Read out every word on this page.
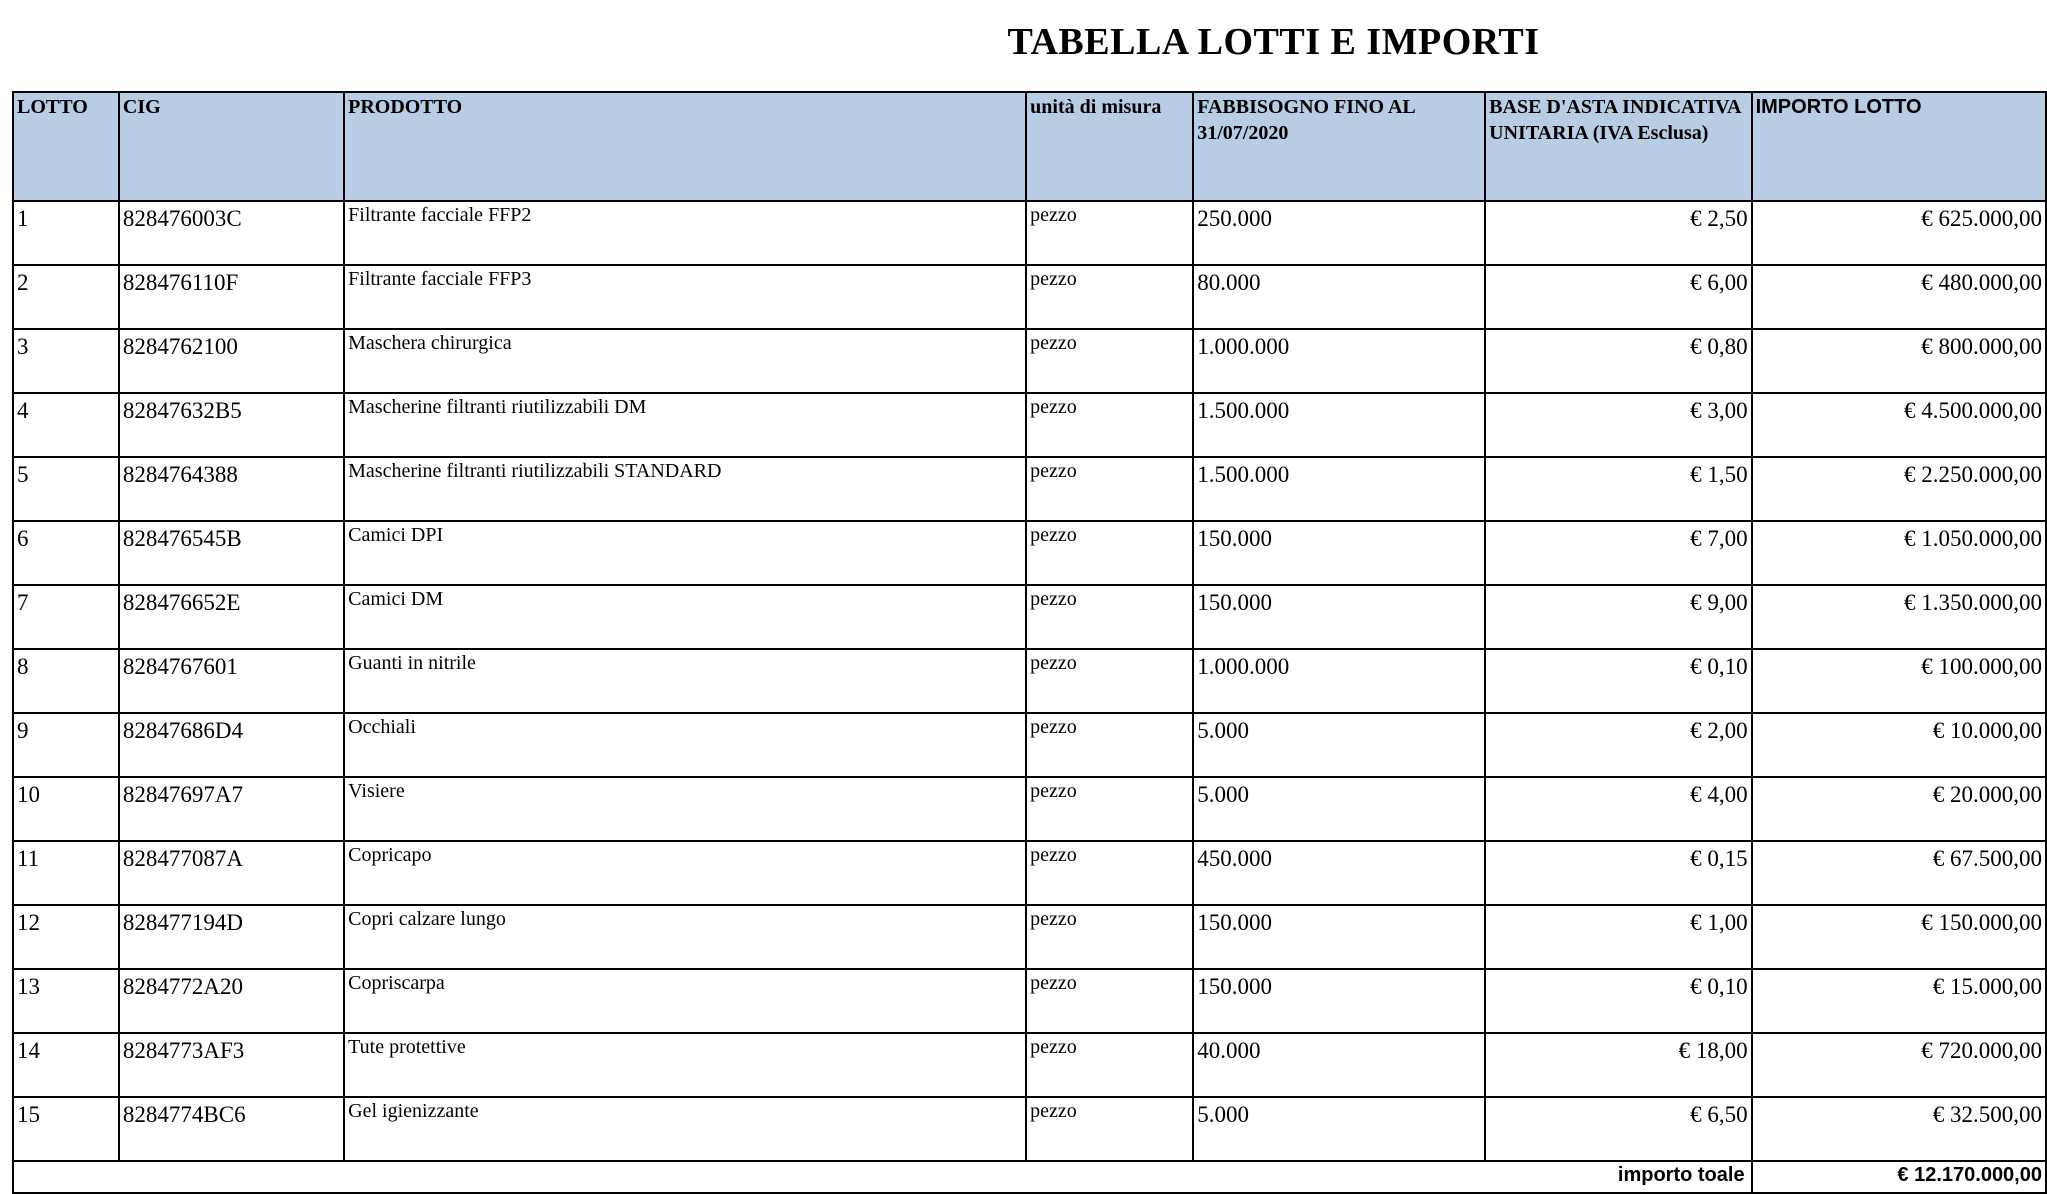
TABELLA LOTTI E IMPORTI
LOTTO	CIG	PRODOTTO	unità di misura	FABBISOGNO FINO AL 31/07/2020	BASE D'ASTA INDICATIVA UNITARIA (IVA Esclusa)	IMPORTO LOTTO
1	828476003C	Filtrante facciale FFP2	pezzo	250.000	€ 2,50	€ 625.000,00
2	828476110F	Filtrante facciale FFP3	pezzo	80.000	€ 6,00	€ 480.000,00
3	8284762100	Maschera chirurgica	pezzo	1.000.000	€ 0,80	€ 800.000,00
4	82847632B5	Mascherine filtranti riutilizzabili DM	pezzo	1.500.000	€ 3,00	€ 4.500.000,00
5	8284764388	Mascherine filtranti riutilizzabili STANDARD	pezzo	1.500.000	€ 1,50	€ 2.250.000,00
6	828476545B	Camici DPI	pezzo	150.000	€ 7,00	€ 1.050.000,00
7	828476652E	Camici DM	pezzo	150.000	€ 9,00	€ 1.350.000,00
8	8284767601	Guanti in nitrile	pezzo	1.000.000	€ 0,10	€ 100.000,00
9	82847686D4	Occhiali	pezzo	5.000	€ 2,00	€ 10.000,00
10	82847697A7	Visiere	pezzo	5.000	€ 4,00	€ 20.000,00
11	828477087A	Copricapo	pezzo	450.000	€ 0,15	€ 67.500,00
12	828477194D	Copri calzare lungo	pezzo	150.000	€ 1,00	€ 150.000,00
13	8284772A20	Copriscarpa	pezzo	150.000	€ 0,10	€ 15.000,00
14	8284773AF3	Tute protettive	pezzo	40.000	€ 18,00	€ 720.000,00
15	8284774BC6	Gel igienizzante	pezzo	5.000	€ 6,50	€ 32.500,00
importo toale						€ 12.170.000,00
